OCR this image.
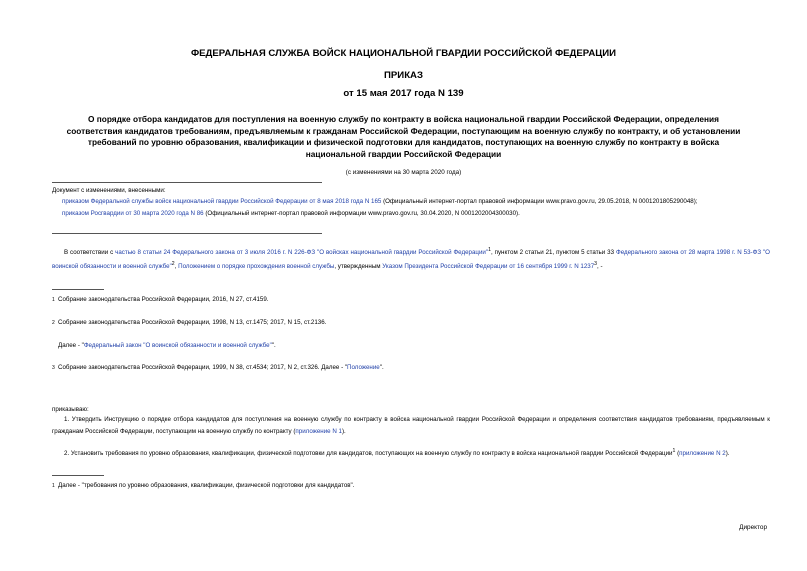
ФЕДЕРАЛЬНАЯ СЛУЖБА ВОЙСК НАЦИОНАЛЬНОЙ ГВАРДИИ РОССИЙСКОЙ ФЕДЕРАЦИИ
ПРИКАЗ
от 15 мая 2017 года N 139
О порядке отбора кандидатов для поступления на военную службу по контракту в войска национальной гвардии Российской Федерации, определения соответствия кандидатов требованиям, предъявляемым к гражданам Российской Федерации, поступающим на военную службу по контракту, и об установлении требований по уровню образования, квалификации и физической подготовки для кандидатов, поступающих на военную службу по контракту в войска национальной гвардии Российской Федерации
(с изменениями на 30 марта 2020 года)

Документ с изменениями, внесенными:

приказом Федеральной службы войск национальной гвардии Российской Федерации от 8 мая 2018 года N 165 (Официальный интернет-портал правовой информации www.pravo.gov.ru, 29.05.2018, N 0001201805290048);

приказом Росгвардии от 30 марта 2020 года N 86 (Официальный интернет-портал правовой информации www.pravo.gov.ru, 30.04.2020, N 0001202004300030).

В соответствии с частью 8 статьи 24 Федерального закона от 3 июля 2016 г. N 226-ФЗ "О войсках национальной гвардии Российской Федерации"$^1$, пунктом 2 статьи 21, пунктом 5 статьи 33 Федерального закона от 28 марта 1998 г. N 53-ФЗ "О воинской обязанности и военной службе"$^2$, Положением о порядке прохождения военной службы, утвержденным Указом Президента Российской Федерации от 16 сентября 1999 г. N 1237$^3$, -
1 Собрание законодательства Российской Федерации, 2016, N 27, ст.4159.
2 Собрание законодательства Российской Федерации, 1998, N 13, ст.1475; 2017, N 15, ст.2136.
Далее - "Федеральный закон "О воинской обязанности и военной службе"".
3 Собрание законодательства Российской Федерации, 1999, N 38, ст.4534; 2017, N 2, ст.326. Далее - "Положение".
приказываю:
1. Утвердить Инструкцию о порядке отбора кандидатов для поступления на военную службу по контракту в войска национальной гвардии Российской Федерации и определения соответствия кандидатов требованиям, предъявляемым к гражданам Российской Федерации, поступающим на военную службу по контракту (приложение N 1).
2. Установить требования по уровню образования, квалификации, физической подготовки для кандидатов, поступающих на военную службу по контракту в войска национальной гвардии Российской Федерации$^1$ (приложение N 2).
1 Далее - "требования по уровню образования, квалификации, физической подготовки для кандидатов".
Директор
